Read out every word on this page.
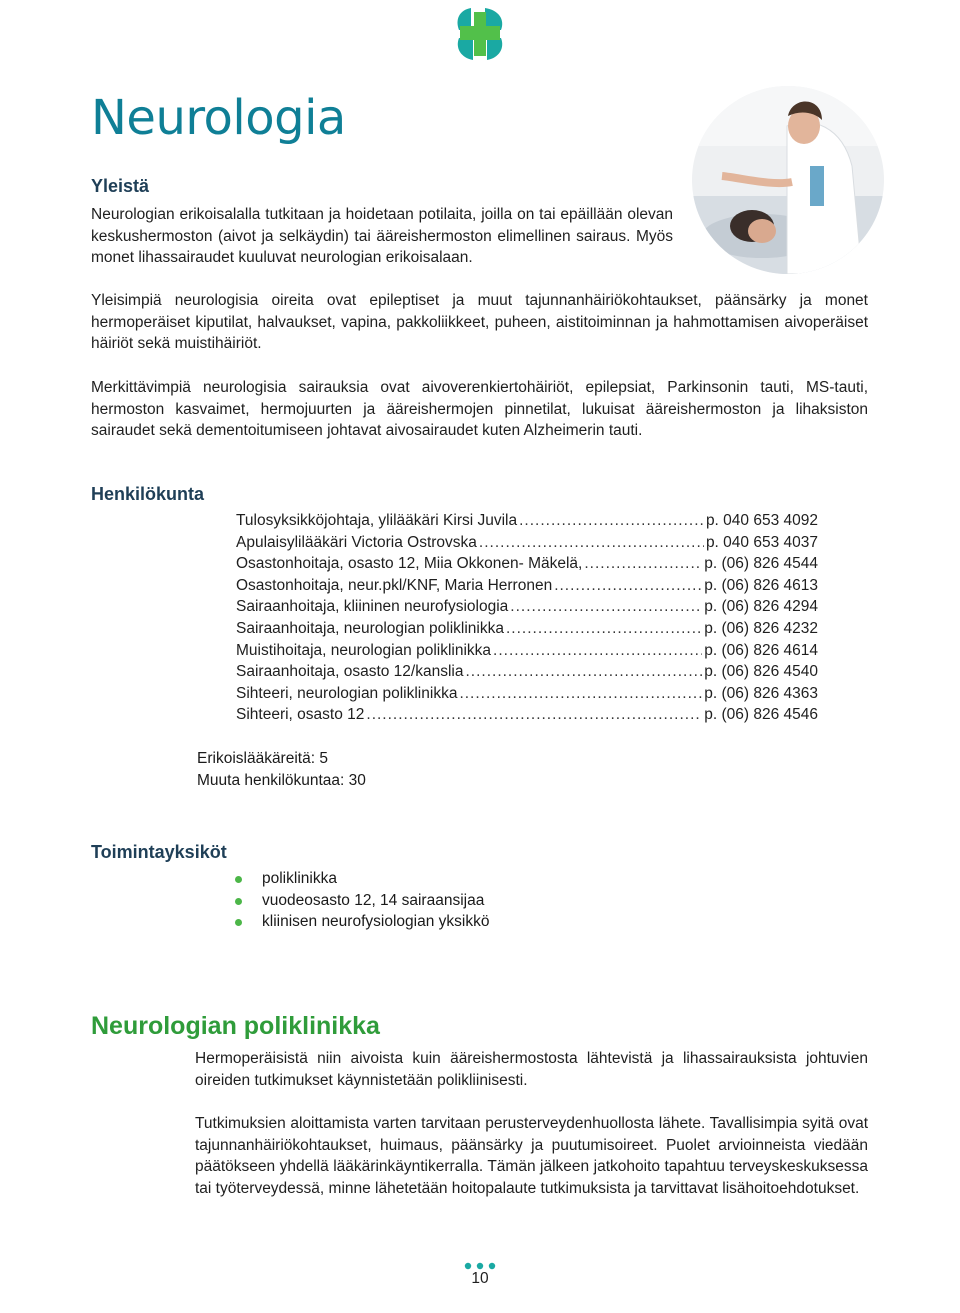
Neurologia
Yleistä

Neurologian erikoisalalla tutkitaan ja hoidetaan potilaita, joilla on tai epäillään olevan keskushermoston (aivot ja selkäydin) tai ääreishermoston elimellinen sairaus. Myös monet lihassairaudet kuuluvat neurologian erikoisalaan.

Yleisimpiä neurologisia oireita ovat epileptiset ja muut tajunnanhäiriökohtaukset, päänsärky ja monet hermoperäiset kiputilat, halvaukset, vapina, pakkoliikkeet, puheen, aistitoiminnan ja hahmottamisen aivoperäiset häiriöt sekä muistihäiriöt.

Merkittävimpiä neurologisia sairauksia ovat aivoverenkiertohäiriöt, epilepsiat, Parkinsonin tauti, MS-tauti, hermoston kasvaimet, hermojuurten ja ääreishermojen pinnetilat, lukuisat ääreishermoston ja lihaksiston sairaudet sekä dementoitumiseen johtavat aivosairaudet kuten Alzheimerin tauti.

Henkilökunta
Tulosyksikköjohtaja, ylilääkäri Kirsi Juvila .....	p. 040 653 4092
Apulaisylilääkäri Victoria Ostrovska .....	p. 040 653 4037
Osastonhoitaja, osasto 12, Miia Okkonen- Mäkelä, .....	p. (06) 826 4544
Osastonhoitaja, neur.pkl/KNF, Maria Herronen .....	p. (06) 826 4613
Sairaanhoitaja, kliininen neurofysiologia .....	p. (06) 826 4294
Sairaanhoitaja, neurologian poliklinikka .....	p. (06) 826 4232
Muistihoitaja, neurologian poliklinikka .....	p. (06) 826 4614
Sairaanhoitaja, osasto 12/kanslia .....	p. (06) 826 4540
Sihteeri, neurologian poliklinikka .....	p. (06) 826 4363
Sihteeri, osasto 12 .....	p. (06) 826 4546
Erikoislääkäreitä: 5
Muuta henkilökuntaa: 30
Toimintayksiköt
poliklinikka
vuodeosasto 12, 14 sairaansijaa
kliinisen neurofysiologian yksikkö
Neurologian poliklinikka

Hermoperäisistä niin aivoista kuin ääreishermostosta lähtevistä ja lihassairauksista johtuvien oireiden tutkimukset käynnistetään polikliinisesti.

Tutkimuksien aloittamista varten tarvitaan perusterveydenhuollosta lähete. Tavallisimpia syitä ovat tajunnanhäiriökohtaukset, huimaus, päänsärky ja puutumisoireet. Puolet arvioinneista viedään päätökseen yhdellä lääkärinkäyntikerralla. Tämän jälkeen jatkohoito tapahtuu terveyskeskuksessa tai työterveydessä, minne lähetetään hoitopalaute tutkimuksista ja tarvittavat lisähoitoehdotukset.

10
